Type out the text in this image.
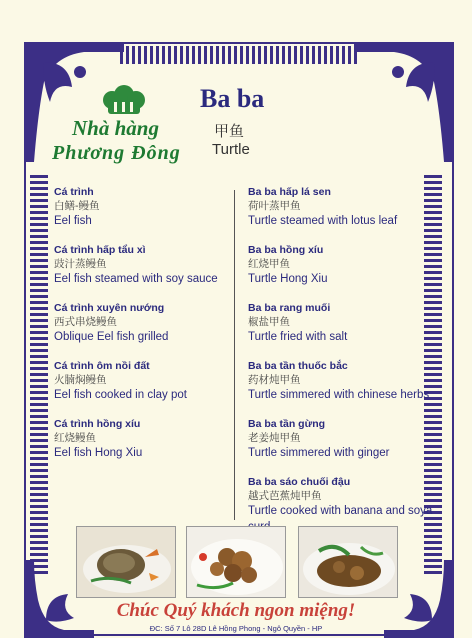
Nhà hàng
Phương Đông
Ba ba
甲鱼
Turtle
Cá trình
白鳝-鳗鱼
Eel fish
Cá trình hấp tẩu xì
豉汁蒸鳗鱼
Eel fish steamed with soy sauce
Cá trình xuyên nướng
西式串烧鳗鱼
Oblique Eel fish grilled
Cá trình ôm nồi đất
火腩焖鳗鱼
Eel fish cooked in clay pot
Cá trình hồng xíu
红烧鳗鱼
Eel fish Hong Xiu
Ba ba hấp lá sen
荷叶蒸甲鱼
Turtle steamed with lotus leaf
Ba ba hồng xíu
红烧甲鱼
Turtle Hong Xiu
Ba ba rang muối
椒盐甲鱼
Turtle fried with salt
Ba ba tần thuốc bắc
药材炖甲鱼
Turtle simmered with chinese herbs
Ba ba tần gừng
老姜炖甲鱼
Turtle simmered with ginger
Ba ba sáo chuối đậu
越式芭蕉炖甲鱼
Turtle cooked with banana and soya
Chúc Quý khách ngon miệng!
ĐC: Số 7 Lô 28D Lê Hồng Phong - Ngô Quyền - HP
